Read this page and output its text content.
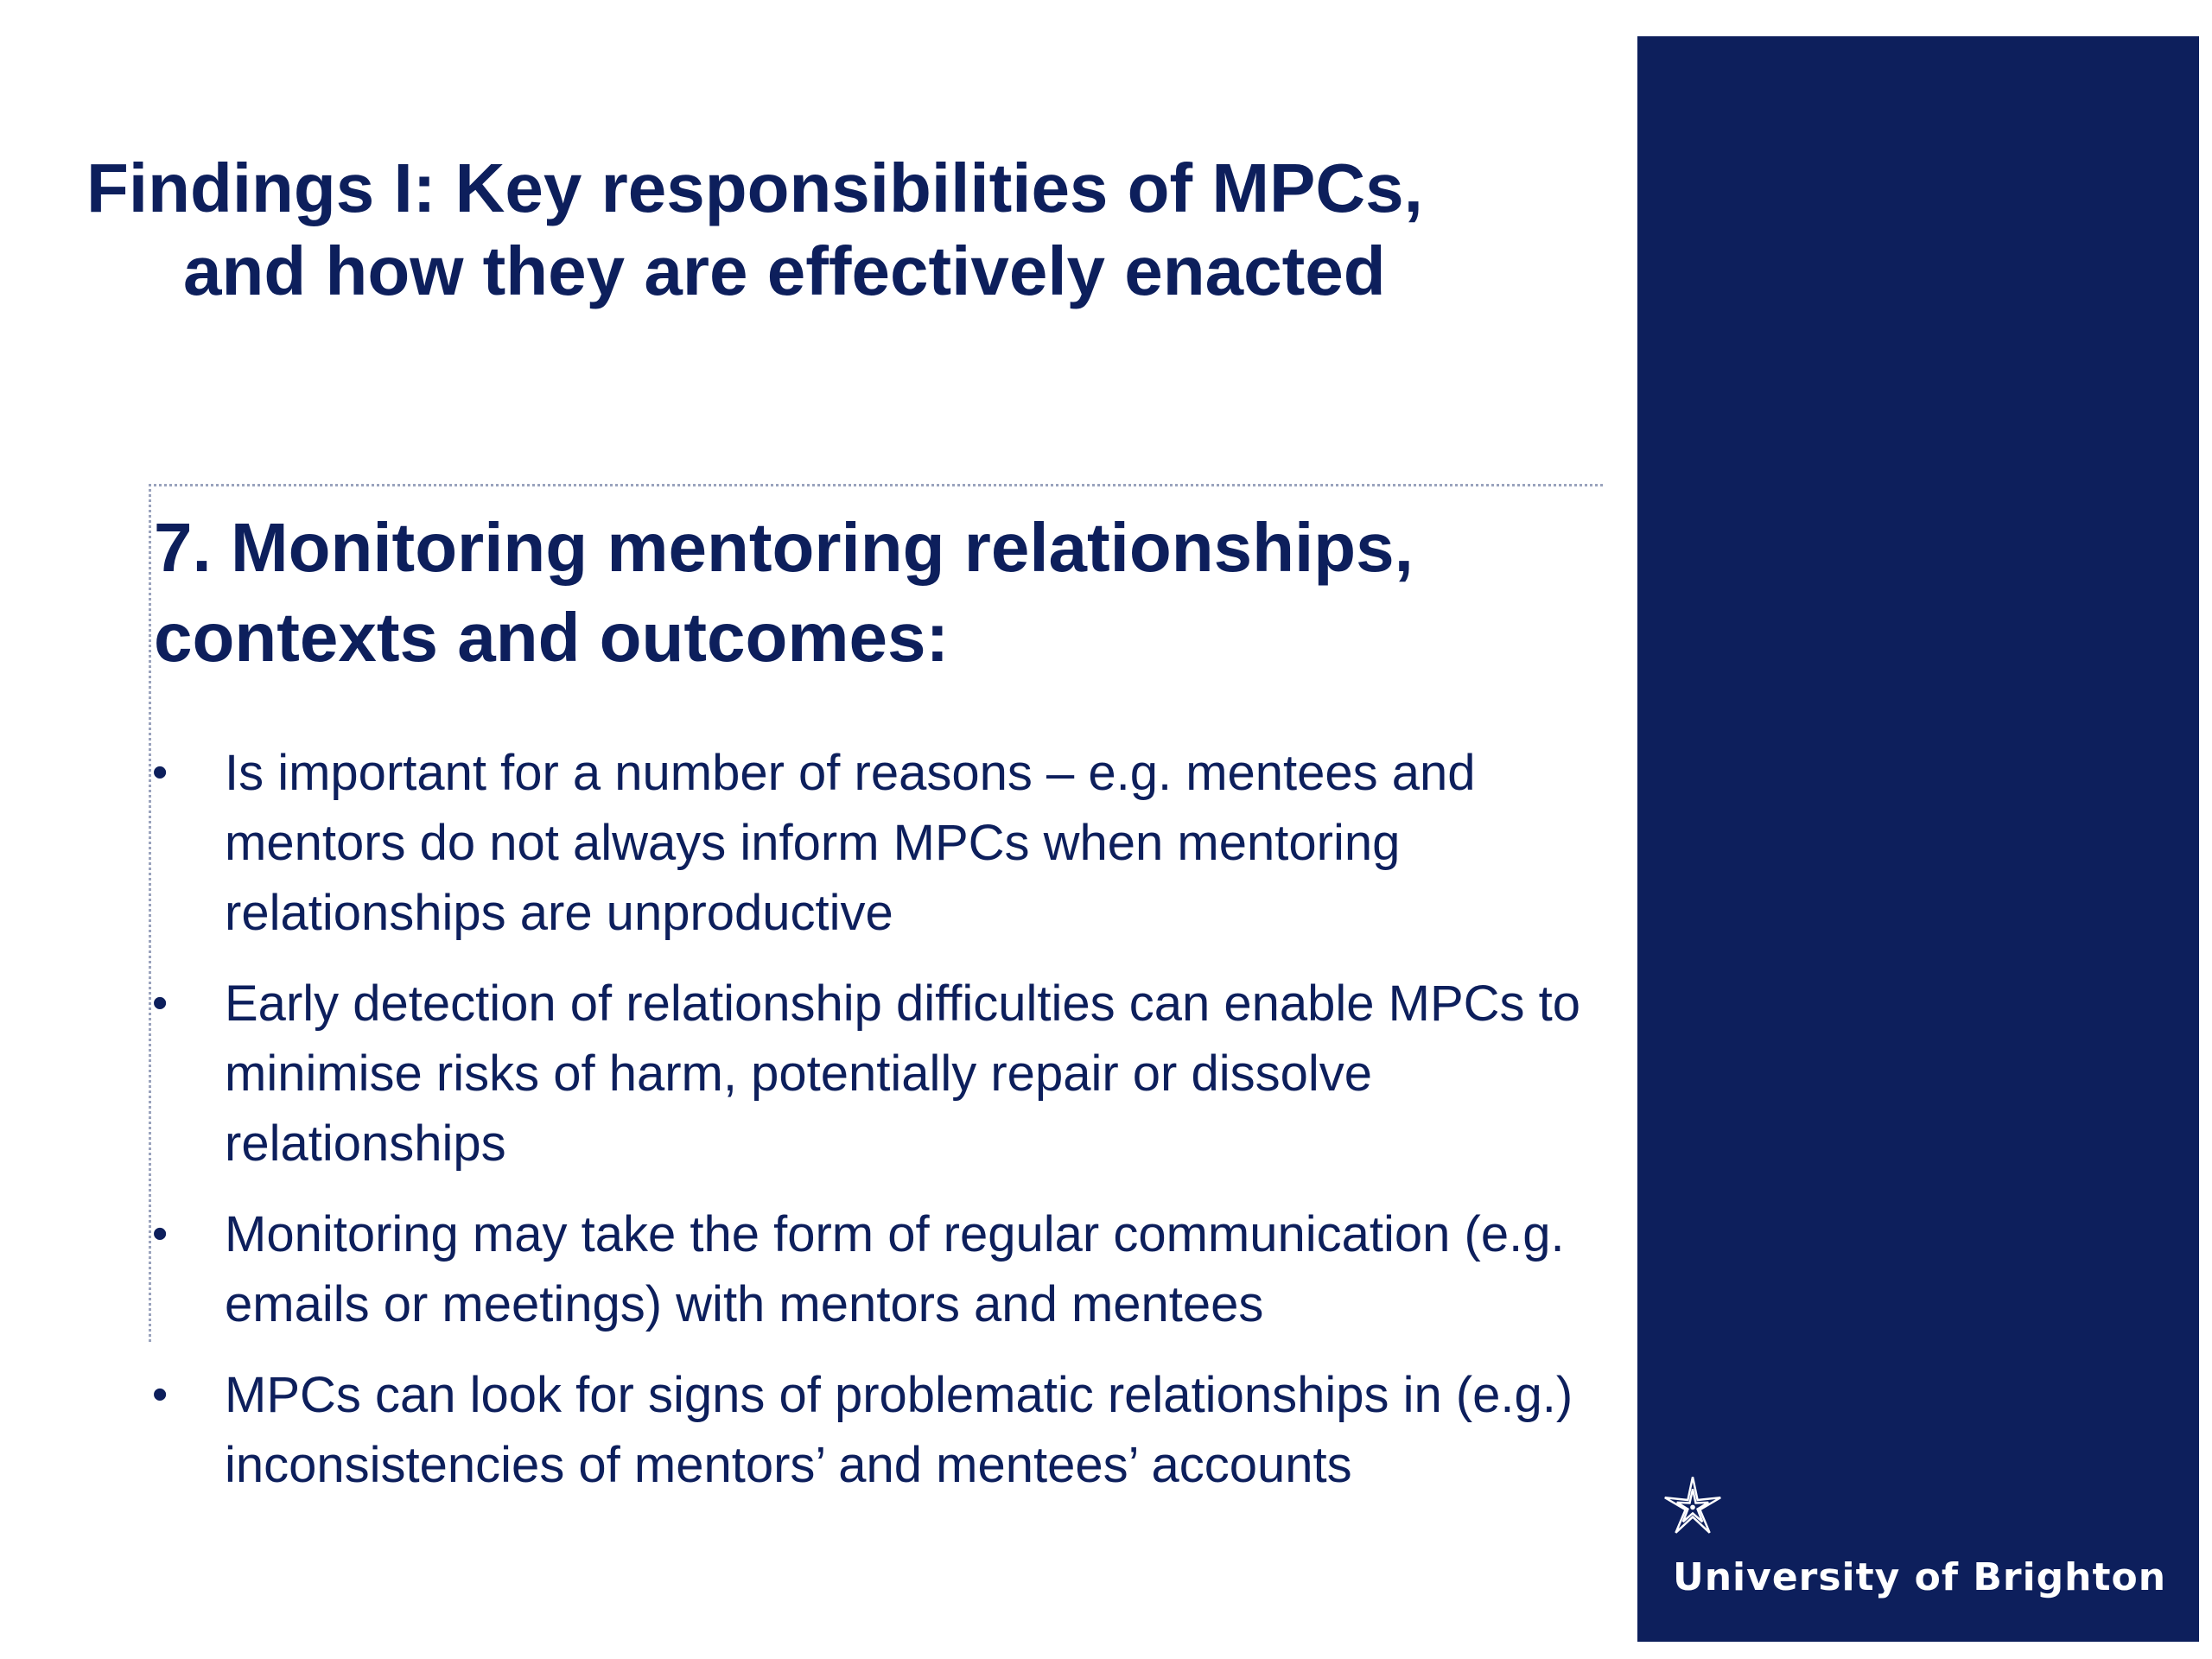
Findings I: Key responsibilities of MPCs,
and how they are effectively enacted
7. Monitoring mentoring relationships, contexts and outcomes:
• Is important for a number of reasons – e.g. mentees and mentors do not always inform MPCs when mentoring relationships are unproductive
• Early detection of relationship difficulties can enable MPCs to minimise risks of harm, potentially repair or dissolve relationships
• Monitoring may take the form of regular communication (e.g. emails or meetings) with mentors and mentees
• MPCs can look for signs of problematic relationships in (e.g.) inconsistencies of mentors’ and mentees’ accounts
University of Brighton
